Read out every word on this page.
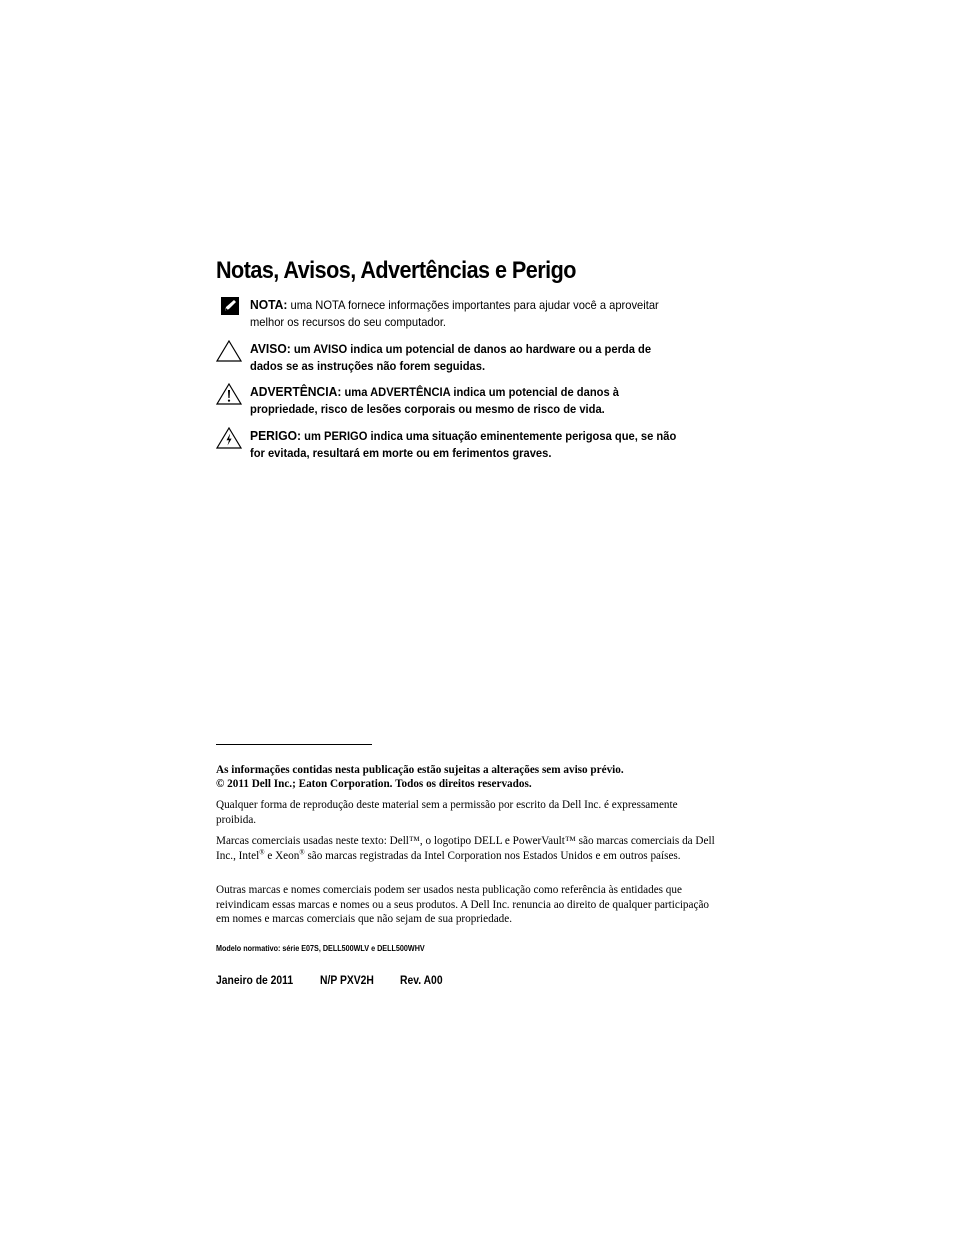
Notas, Avisos, Advertências e Perigo
NOTA: uma NOTA fornece informações importantes para ajudar você a aproveitar melhor os recursos do seu computador.
AVISO: um AVISO indica um potencial de danos ao hardware ou a perda de dados se as instruções não forem seguidas.
ADVERTÊNCIA: uma ADVERTÊNCIA indica um potencial de danos à propriedade, risco de lesões corporais ou mesmo de risco de vida.
PERIGO: um PERIGO indica uma situação eminentemente perigosa que, se não for evitada, resultará em morte ou em ferimentos graves.

As informações contidas nesta publicação estão sujeitas a alterações sem aviso prévio.

© 2011 Dell Inc.; Eaton Corporation. Todos os direitos reservados.

Qualquer forma de reprodução deste material sem a permissão por escrito da Dell Inc. é expressamente proibida.

Marcas comerciais usadas neste texto: Dell™, o logotipo DELL e PowerVault™ são marcas comerciais da Dell Inc., Intel® e Xeon® são marcas registradas da Intel Corporation nos Estados Unidos e em outros países.

Outras marcas e nomes comerciais podem ser usados nesta publicação como referência às entidades que reivindicam essas marcas e nomes ou a seus produtos. A Dell Inc. renuncia ao direito de qualquer participação em nomes e marcas comerciais que não sejam de sua propriedade.

Modelo normativo: série E07S, DELL500WLV e DELL500WHV
Janeiro de 2011 N/P PXV2H Rev. A00
